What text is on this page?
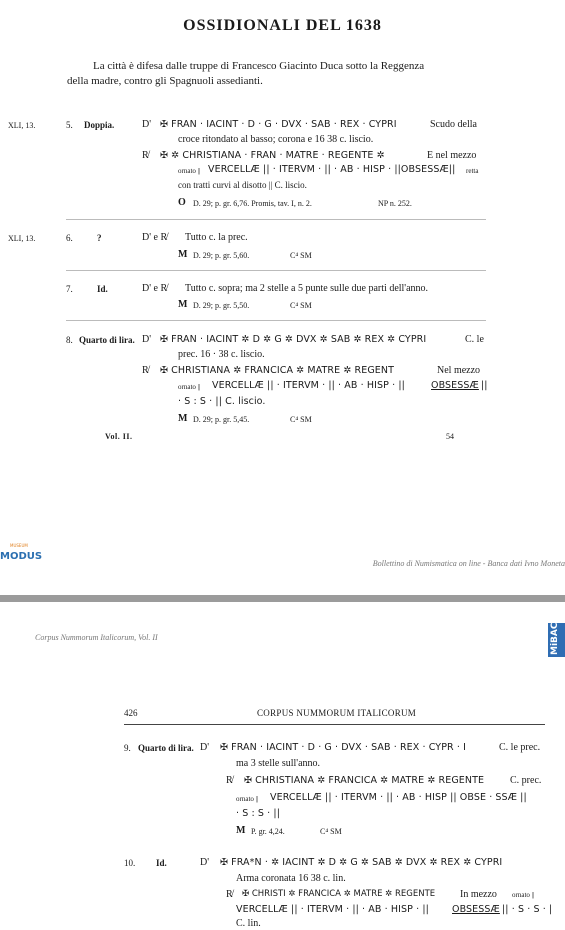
OSSIDIONALI DEL 1638
La città è difesa dalle truppe di Francesco Giacinto Duca sotto la Reggenza
della madre, contro gli Spagnuoli assedianti.
XLI, 13.	5. Doppia.	D' ✠ FRAN · IACINT · D · G · DVX · SAB · REX · CYPRI	Scudo della
croce ritondato al basso; corona e 16 38 c. liscio.
R̸ ✠ ✲ CHRISTIANA · FRAN · MATRE · REGENTE ✲	E nel mezzo
ornato || VERCELLÆ || · ITERVM · || · AB · HISP · ||OBSESSÆ|| retta
con tratti curvi al disotto || C. liscio.
O D. 29; p. gr. 6,76. Promis, tav. I, n. 2.	NP n. 252.
XLI, 13.	6.	?	D' e R̸ Tutto c. la prec.
M D. 29; p. gr. 5,60.	C⁴ SM
7.	Id.	D' e R̸ Tutto c. sopra; ma 2 stelle a 5 punte sulle due parti dell'anno.
M D. 29; p. gr. 5,50.	C⁴ SM
8. Quarto di lira. D' ✠ FRAN · IACINT ✲ D ✲ G ✲ DVX ✲ SAB ✲ REX ✲ CYPRI	C. le
prec. 16 · 38 c. liscio.
R̸ ✠ CHRISTIANA ✲ FRANCICA ✲ MATRE ✲ REGENT	Nel mezzo
ornato || VERCELLÆ || · ITERVM · || · AB · HISP · ||	OBSESSÆ ||
· S : S · || C. liscio.
M D. 29; p. gr. 5,45.	C⁴ SM
Vol. II.	54
MODUS
MUSEUM
Bollettino di Numismatica on line - Banca dati Ivno Moneta
Corpus Nummorum Italicorum, Vol. II	MiBAC
426	CORPUS NUMMORUM ITALICORUM
9. Quarto di lira. D' ✠ FRAN · IACINT · D · G · DVX · SAB · REX · CYPR · I	C. le prec.
ma 3 stelle sull'anno.
R̸ ✠ CHRISTIANA ✲ FRANCICA ✲ MATRE ✲ REGENTE	C. prec.
ornato || VERCELLÆ || · ITERVM · || · AB · HISP || OBSE · SSÆ ||
· S : S · ||
M P. gr. 4,24.	C⁴ SM
10. Id.	D' ✠ FRA*N · ✲ IACINT ✲ D ✲ G ✲ SAB ✲ DVX ✲ REX ✲ CYPRI
Arma coronata 16 38 c. lin.
R̸ ✠ CHRISTI ✲ FRANCICA ✲ MATRE ✲ REGENTE In mezzo ornato ||
VERCELLÆ || · ITERVM · || · AB · HISP · || OBSESSÆ || · S · S · |
C. lin.
